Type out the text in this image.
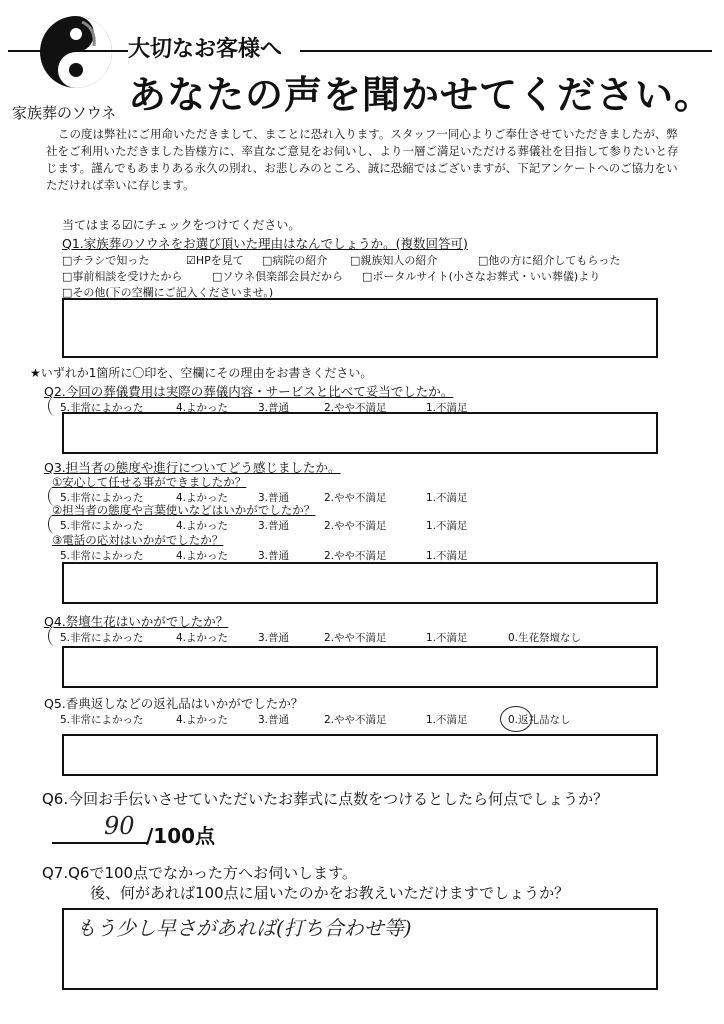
家族葬のソウネ
大切なお客様へ
あなたの声を聞かせてください。
この度は弊社にご用命いただきまして、まことに恐れ入ります。スタッフ一同心よりご奉仕させていただきましたが、弊社をご利用いただきました皆様方に、率直なご意見をお伺いし、より一層ご満足いただける葬儀社を目指して参りたいと存じます。謹んでもあまりある永久の別れ、お悲しみのところ、誠に恐縮ではございますが、下記アンケートへのご協力をいただければ幸いに存じます。
当てはまる☑にチェックをつけてください。
Q1.家族葬のソウネをお選び頂いた理由はなんでしょうか。(複数回答可)
□チラシで知った	☑HPを見て □病院の紹介 □親族知人の紹介	□他の方に紹介してもらった
□事前相談を受けたから	□ソウネ倶楽部会員だから □ポータルサイト(小さなお葬式・いい葬儀)より
□その他(下の空欄にご記入くださいませ。)
★いずれか1箇所に〇印を、空欄にその理由をお書きください。
Q2.今回の葬儀費用は実際の葬儀内容・サービスと比べて妥当でしたか。
5.非常によかった	4.よかった	3.普通	2.やや不満足	1.不満足
Q3.担当者の態度や進行についてどう感じましたか。
①安心して任せる事ができましたか？
5.非常によかった	4.よかった	3.普通	2.やや不満足	1.不満足
②担当者の態度や言葉使いなどはいかがでしたか？
5.非常によかった	4.よかった	3.普通	2.やや不満足	1.不満足
③電話の応対はいかがでしたか？
5.非常によかった	4.よかった	3.普通	2.やや不満足	1.不満足
Q4.祭壇生花はいかがでしたか？
5.非常によかった	4.よかった	3.普通	2.やや不満足	1.不満足	0.生花祭壇なし
Q5.香典返しなどの返礼品はいかがでしたか？
5.非常によかった	4.よかった	3.普通	2.やや不満足	1.不満足	0.返礼品なし
Q6.今回お手伝いさせていただいたお葬式に点数をつけるとしたら何点でしょうか？
90 /100点
Q7.Q6で100点でなかった方へお伺いします。
後、何があれば100点に届いたのかをお教えいただけますでしょうか？
もう少し早さがあれば(打ち合わせ等)
